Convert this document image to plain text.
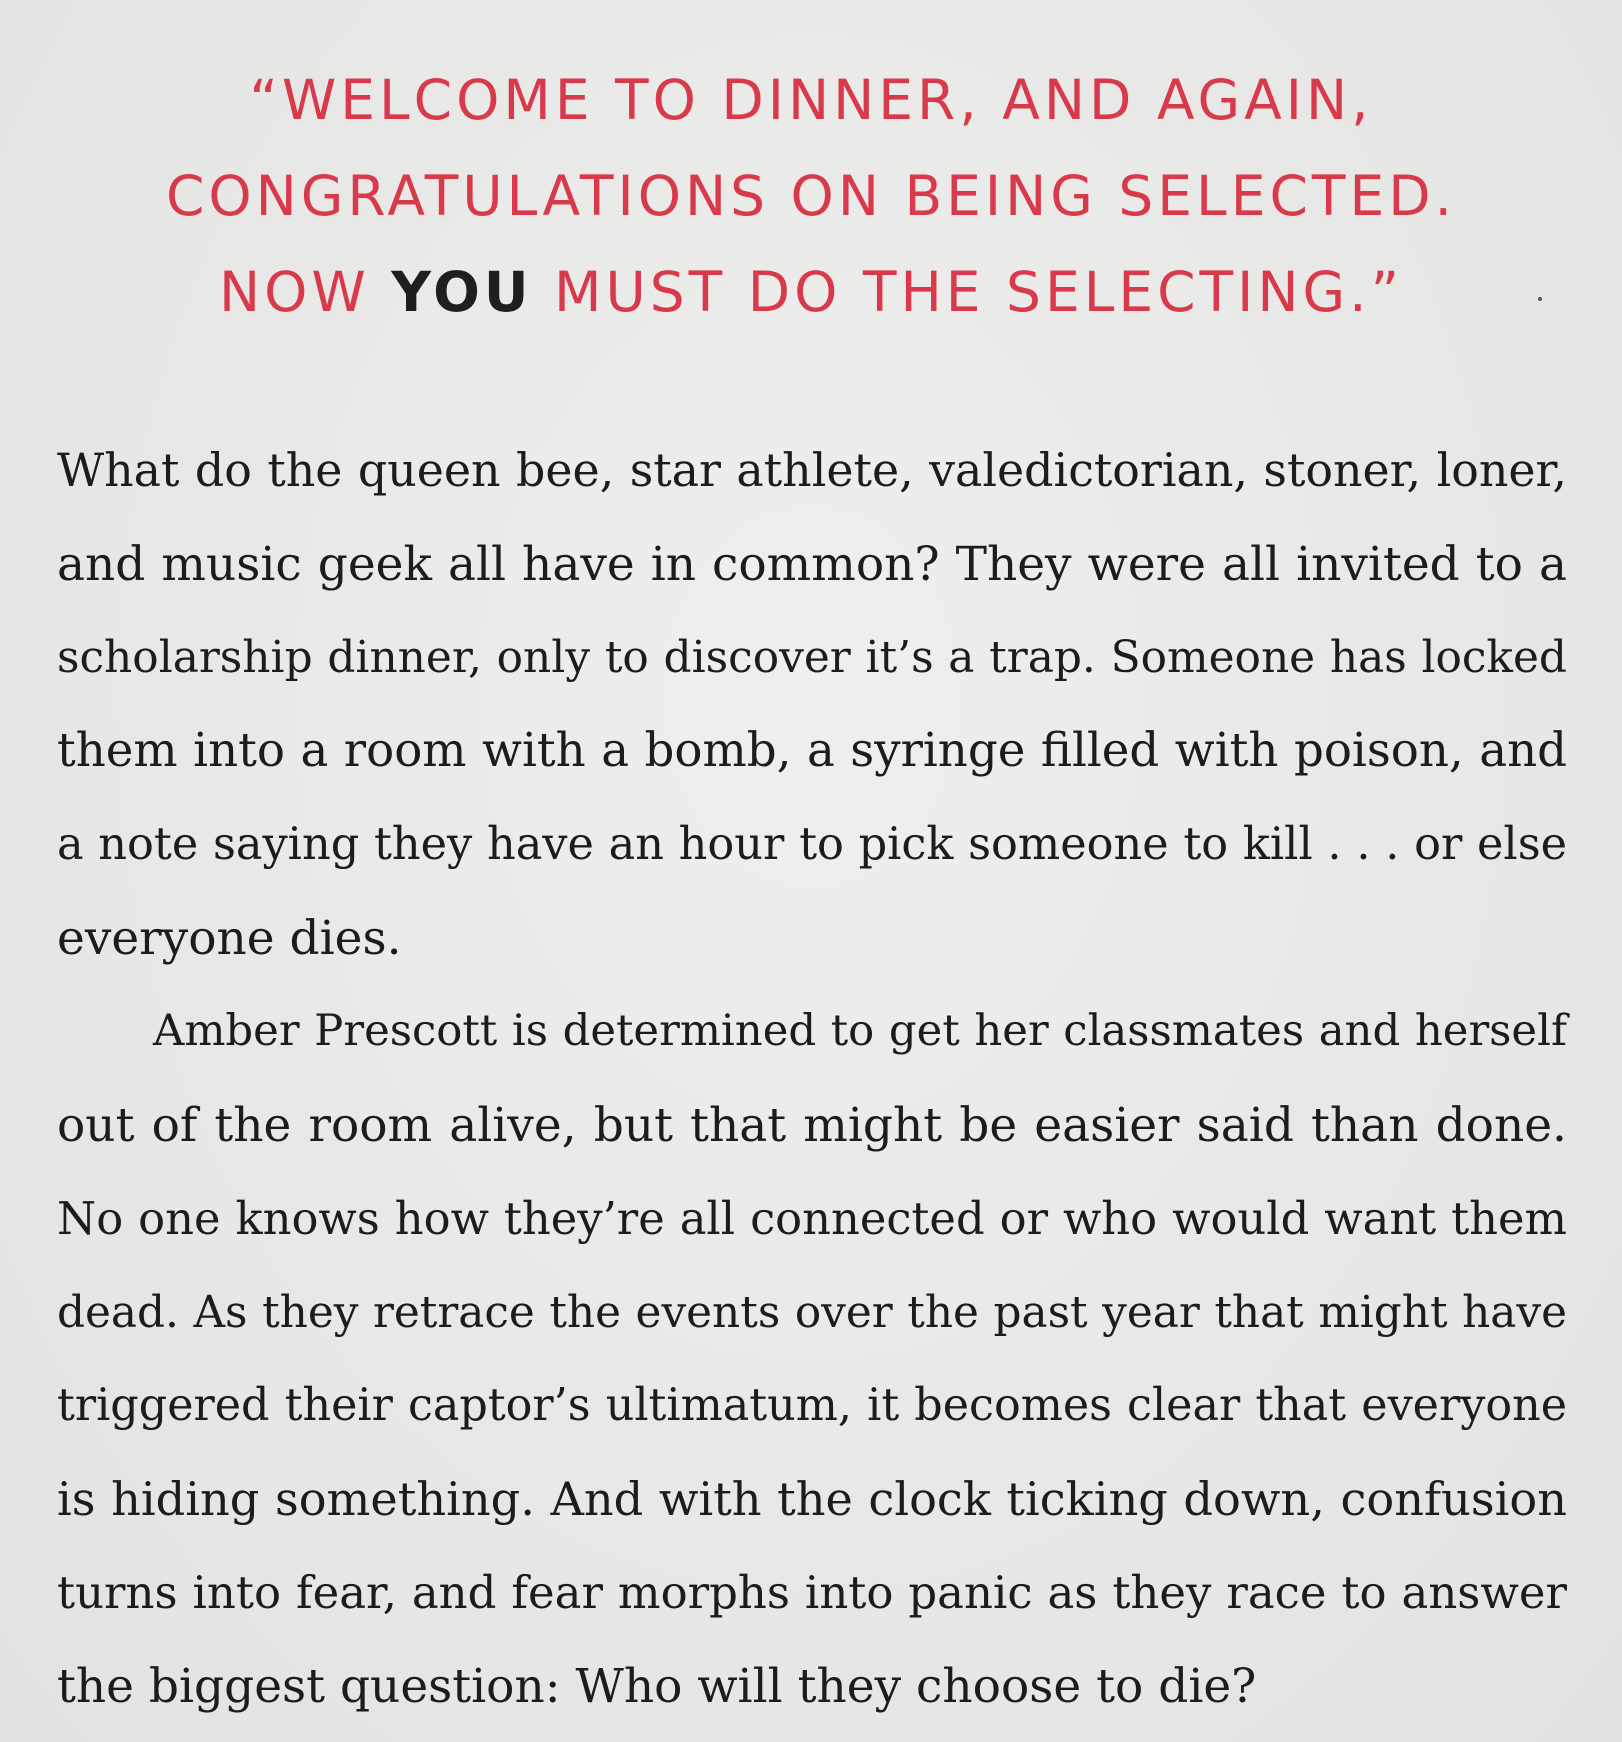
“WELCOME TO DINNER, AND AGAIN,
CONGRATULATIONS ON BEING SELECTED.
NOW YOU MUST DO THE SELECTING.”
What do the queen bee, star athlete, valedictorian, stoner, loner,
and music geek all have in common? They were all invited to a
scholarship dinner, only to discover it’s a trap. Someone has locked
them into a room with a bomb, a syringe filled with poison, and
a note saying they have an hour to pick someone to kill . . . or else
everyone dies.
Amber Prescott is determined to get her classmates and herself
out of the room alive, but that might be easier said than done.
No one knows how they’re all connected or who would want them
dead. As they retrace the events over the past year that might have
triggered their captor’s ultimatum, it becomes clear that everyone
is hiding something. And with the clock ticking down, confusion
turns into fear, and fear morphs into panic as they race to answer
the biggest question: Who will they choose to die?
